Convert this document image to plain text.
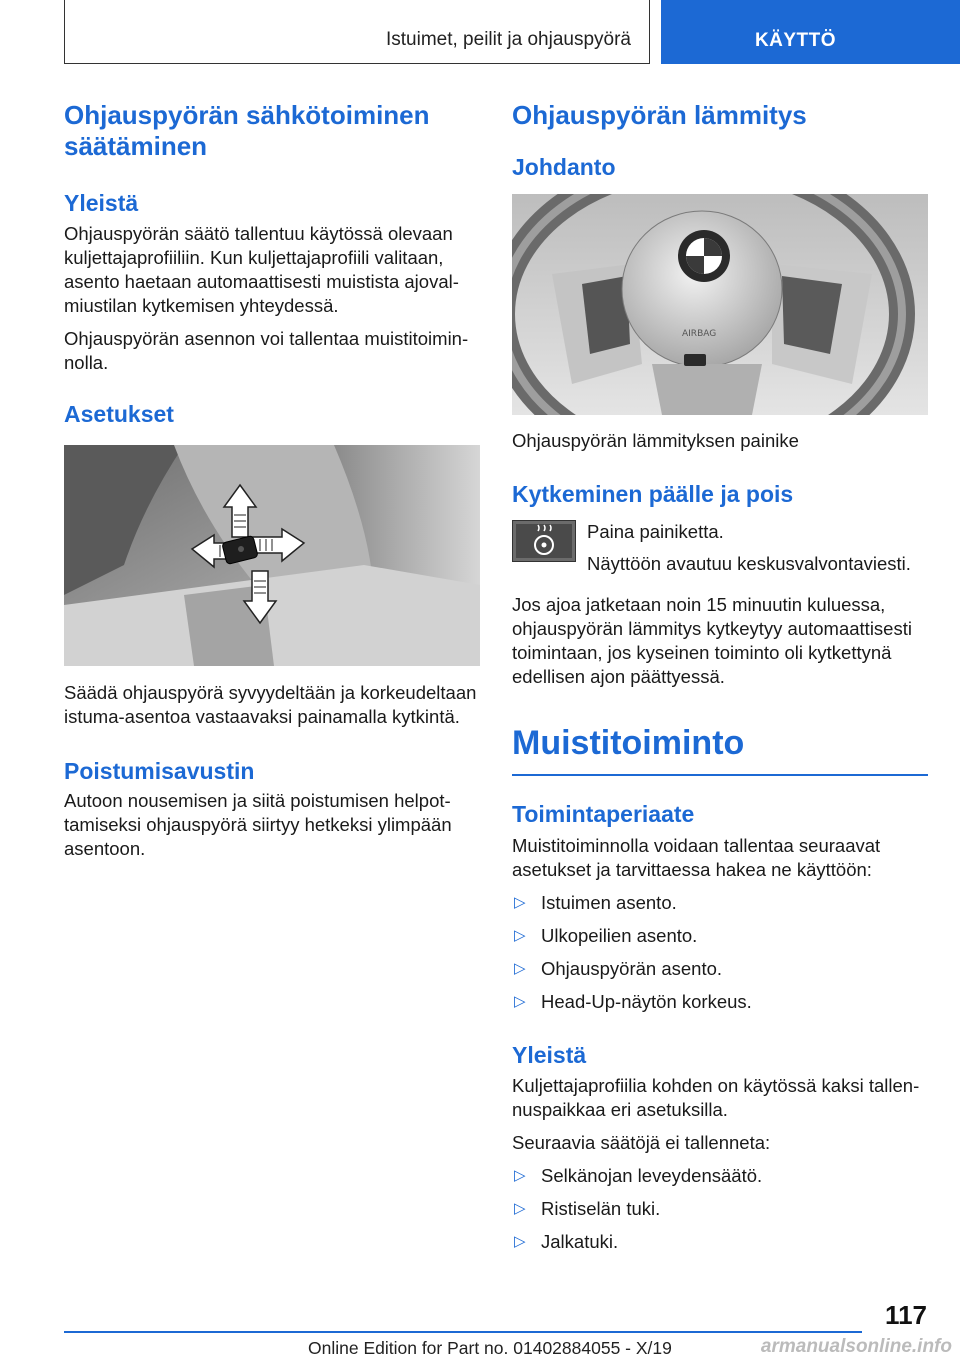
Istuimet, peilit ja ohjauspyörä	KÄYTTÖ
Ohjauspyörän sähkötoiminen säätäminen
Yleistä

Ohjauspyörän säätö tallentuu käytössä olevaan kuljettajaprofiiliin. Kun kuljettajaprofiili valitaan, asento haetaan automaattisesti muistista ajovalmiustilan kytkemisen yhteydessä.

Ohjauspyörän asennon voi tallentaa muistitoiminnolla.

Asetukset

Säädä ohjauspyörä syvyydeltään ja korkeudeltaan istuma-asentoa vastaavaksi painamalla kytkintä.

Poistumisavustin

Autoon nousemisen ja siitä poistumisen helpottamiseksi ohjauspyörä siirtyy hetkeksi ylimpään asentoon.

Ohjauspyörän lämmitys
Johdanto
AIRBAG

Ohjauspyörän lämmityksen painike

Kytkeminen päälle ja pois

Paina painiketta.

Näyttöön avautuu keskusvalvontaviesti.

Jos ajoa jatketaan noin 15 minuutin kuluessa, ohjauspyörän lämmitys kytkeytyy automaattisesti toimintaan, jos kyseinen toiminto oli kytkettynä edellisen ajon päättyessä.

Muistitoiminto
Toimintaperiaate

Muistitoiminnolla voidaan tallentaa seuraavat asetukset ja tarvittaessa hakea ne käyttöön:

▷ Istuimen asento.
▷ Ulkopeilien asento.
▷ Ohjauspyörän asento.
▷ Head-Up-näytön korkeus.
Yleistä

Kuljettajaprofiilia kohden on käytössä kaksi tallennuspaikkaa eri asetuksilla.

Seuraavia säätöjä ei tallenneta:

▷ Selkänojan leveydensäätö.
▷ Ristiselän tuki.
▷ Jalkatuki.
117
Online Edition for Part no. 01402884055 - X/19	armanualsonline.info
